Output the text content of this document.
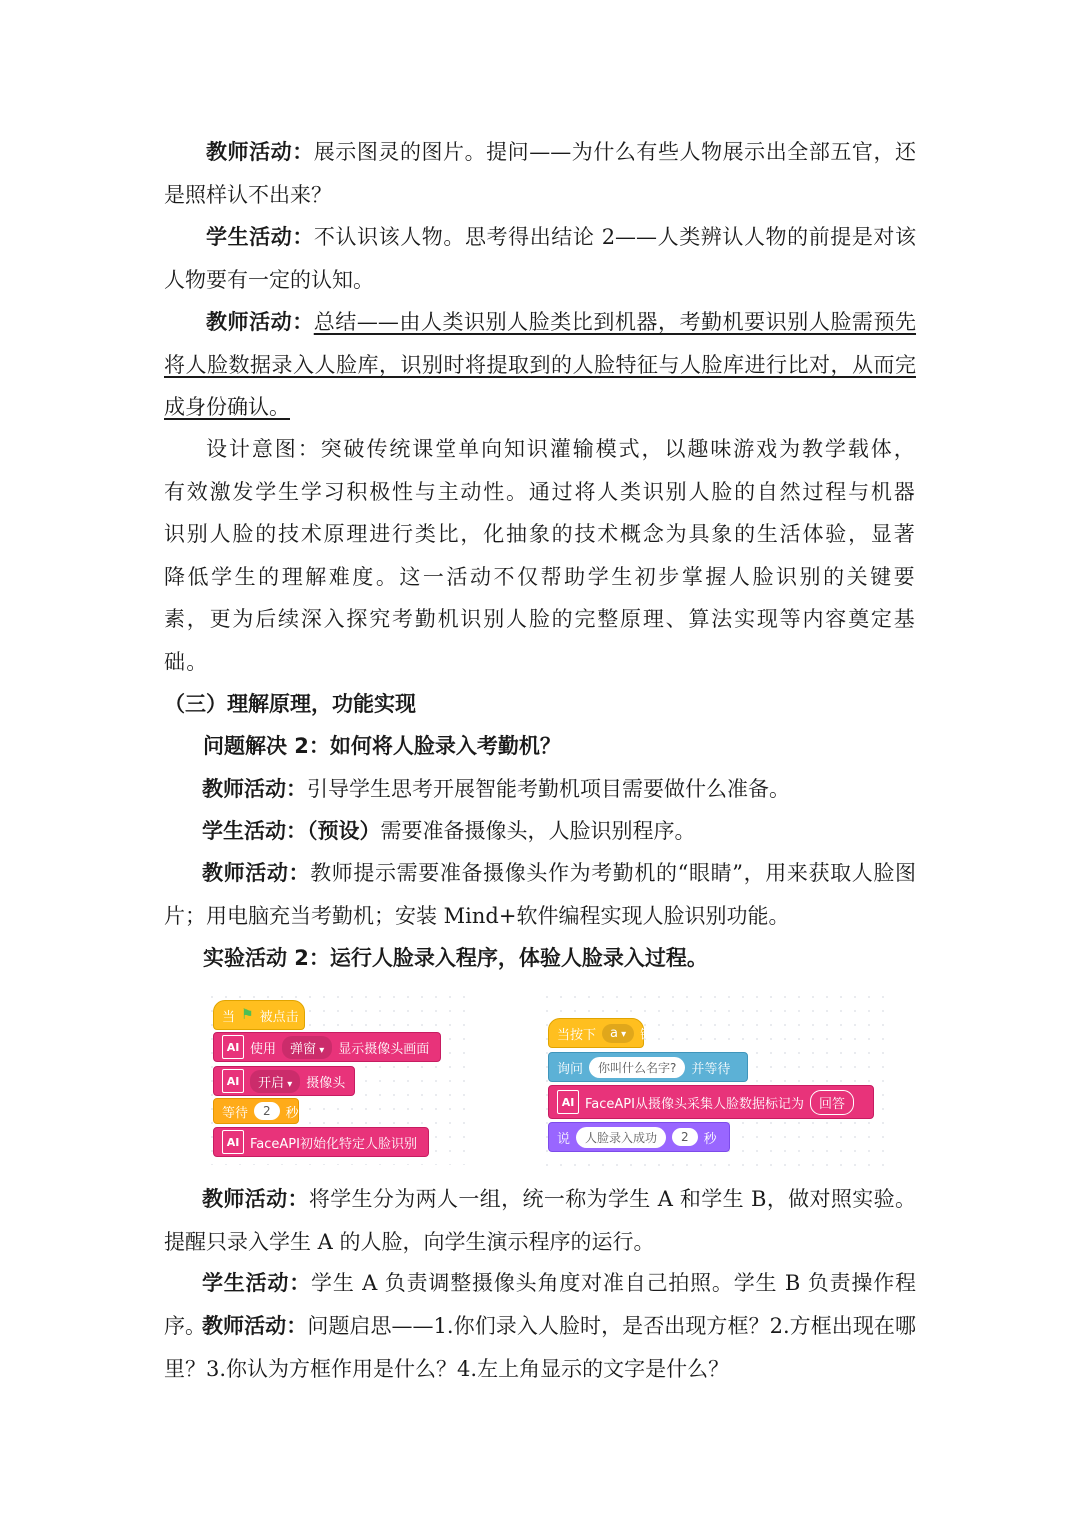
教师活动：展示图灵的图片。提问——为什么有些人物展示出全部五官，还是照样认不出来？

学生活动：不认识该人物。思考得出结论 2——人类辨认人物的前提是对该人物要有一定的认知。

教师活动：总结——由人类识别人脸类比到机器，考勤机要识别人脸需预先将人脸数据录入人脸库，识别时将提取到的人脸特征与人脸库进行比对，从而完成身份确认。

设计意图：突破传统课堂单向知识灌输模式，以趣味游戏为教学载体，有效激发学生学习积极性与主动性。通过将人类识别人脸的自然过程与机器识别人脸的技术原理进行类比，化抽象的技术概念为具象的生活体验，显著降低学生的理解难度。这一活动不仅帮助学生初步掌握人脸识别的关键要素，更为后续深入探究考勤机识别人脸的完整原理、算法实现等内容奠定基础。

（三）理解原理，功能实现

问题解决 2：如何将人脸录入考勤机？

教师活动：引导学生思考开展智能考勤机项目需要做什么准备。

学生活动：（预设）需要准备摄像头，人脸识别程序。

教师活动：教师提示需要准备摄像头作为考勤机的“眼睛”，用来获取人脸图片；用电脑充当考勤机；安装 Mind+软件编程实现人脸识别功能。

实验活动 2：运行人脸录入程序，体验人脸录入过程。

当 ⚑ 被点击
AI 使用	弹窗 ▾	显示摄像头画面
AI	开启 ▾	摄像头
等待	2	秒
AI FaceAPI初始化特定人脸识别
当按下	a ▾	键
询问	你叫什么名字?	并等待
AI FaceAPI从摄像头采集人脸数据标记为	回答
说	人脸录入成功	2	秒

教师活动：将学生分为两人一组，统一称为学生 A 和学生 B，做对照实验。提醒只录入学生 A 的人脸，向学生演示程序的运行。

学生活动：学生 A 负责调整摄像头角度对准自己拍照。学生 B 负责操作程序。

教师活动：问题启思——1.你们录入人脸时，是否出现方框？2.方框出现在哪里？3.你认为方框作用是什么？4.左上角显示的文字是什么？
